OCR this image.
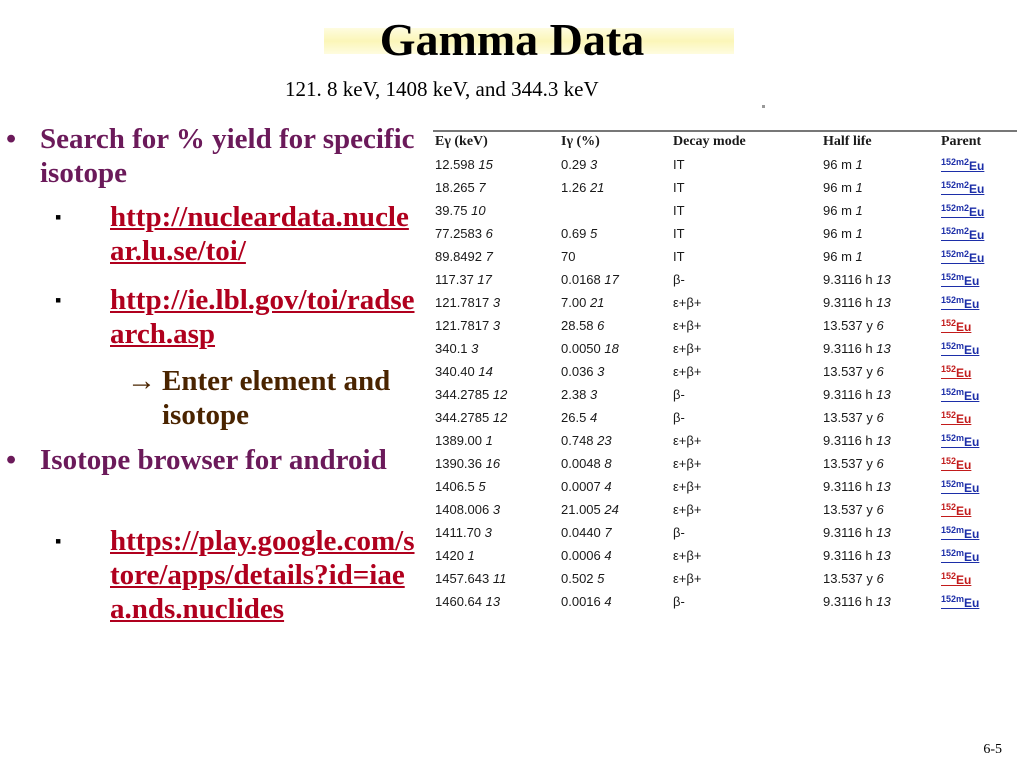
Gamma Data
121. 8 keV, 1408 keV, and 344.3 keV
• Search for % yield for specific isotope
▪ http://nucleardata.nuclear.lu.se/toi/
▪ http://ie.lbl.gov/toi/radsearch.asp
→ Enter element and isotope
• Isotope browser for android
▪ https://play.google.com/store/apps/details?id=iaea.nds.nuclides
Eγ (keV)	Iγ (%)	Decay mode	Half life	Parent
12.598 15	0.29 3	IT	96 m 1	$^{152m2}$Eu
18.265 7	1.26 21	IT	96 m 1	$^{152m2}$Eu
39.75 10		IT	96 m 1	$^{152m2}$Eu
77.2583 6	0.69 5	IT	96 m 1	$^{152m2}$Eu
89.8492 7	70	IT	96 m 1	$^{152m2}$Eu
117.37 17	0.0168 17	β-	9.3116 h 13	$^{152m}$Eu
121.7817 3	7.00 21	ε+β+	9.3116 h 13	$^{152m}$Eu
121.7817 3	28.58 6	ε+β+	13.537 y 6	$^{152}$Eu
340.1 3	0.0050 18	ε+β+	9.3116 h 13	$^{152m}$Eu
340.40 14	0.036 3	ε+β+	13.537 y 6	$^{152}$Eu
344.2785 12	2.38 3	β-	9.3116 h 13	$^{152m}$Eu
344.2785 12	26.5 4	β-	13.537 y 6	$^{152}$Eu
1389.00 1	0.748 23	ε+β+	9.3116 h 13	$^{152m}$Eu
1390.36 16	0.0048 8	ε+β+	13.537 y 6	$^{152}$Eu
1406.5 5	0.0007 4	ε+β+	9.3116 h 13	$^{152m}$Eu
1408.006 3	21.005 24	ε+β+	13.537 y 6	$^{152}$Eu
1411.70 3	0.0440 7	β-	9.3116 h 13	$^{152m}$Eu
1420 1	0.0006 4	ε+β+	9.3116 h 13	$^{152m}$Eu
1457.643 11	0.502 5	ε+β+	13.537 y 6	$^{152}$Eu
1460.64 13	0.0016 4	β-	9.3116 h 13	$^{152m}$Eu
6-5
